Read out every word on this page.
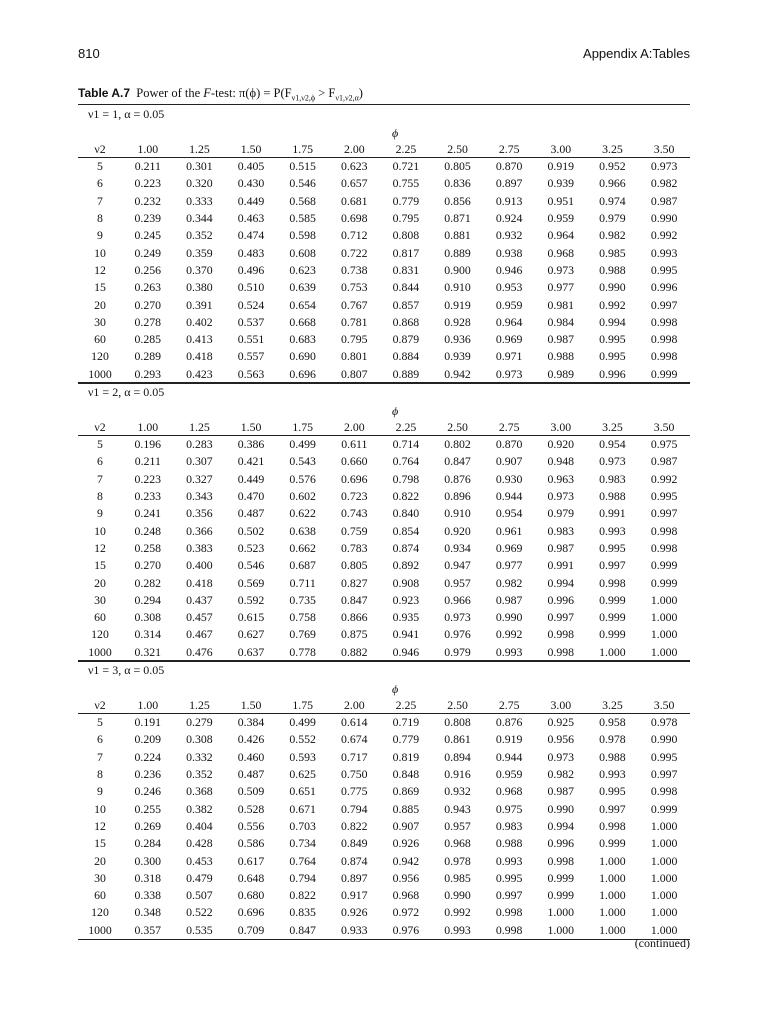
810	Appendix A:Tables
Table A.7 Power of the F-test: $\pi(\phi) = P(F_{\nu 1,\nu 2,\phi} > F_{\nu 1,\nu 2,\alpha})$
ν1 = 1, α = 0.05
ϕ
ν2	1.00	1.25	1.50	1.75	2.00	2.25	2.50	2.75	3.00	3.25	3.50
5	0.211	0.301	0.405	0.515	0.623	0.721	0.805	0.870	0.919	0.952	0.973
6	0.223	0.320	0.430	0.546	0.657	0.755	0.836	0.897	0.939	0.966	0.982
7	0.232	0.333	0.449	0.568	0.681	0.779	0.856	0.913	0.951	0.974	0.987
8	0.239	0.344	0.463	0.585	0.698	0.795	0.871	0.924	0.959	0.979	0.990
9	0.245	0.352	0.474	0.598	0.712	0.808	0.881	0.932	0.964	0.982	0.992
10	0.249	0.359	0.483	0.608	0.722	0.817	0.889	0.938	0.968	0.985	0.993
12	0.256	0.370	0.496	0.623	0.738	0.831	0.900	0.946	0.973	0.988	0.995
15	0.263	0.380	0.510	0.639	0.753	0.844	0.910	0.953	0.977	0.990	0.996
20	0.270	0.391	0.524	0.654	0.767	0.857	0.919	0.959	0.981	0.992	0.997
30	0.278	0.402	0.537	0.668	0.781	0.868	0.928	0.964	0.984	0.994	0.998
60	0.285	0.413	0.551	0.683	0.795	0.879	0.936	0.969	0.987	0.995	0.998
120	0.289	0.418	0.557	0.690	0.801	0.884	0.939	0.971	0.988	0.995	0.998
1000	0.293	0.423	0.563	0.696	0.807	0.889	0.942	0.973	0.989	0.996	0.999
ν1 = 2, α = 0.05
ϕ
ν2	1.00	1.25	1.50	1.75	2.00	2.25	2.50	2.75	3.00	3.25	3.50
5	0.196	0.283	0.386	0.499	0.611	0.714	0.802	0.870	0.920	0.954	0.975
6	0.211	0.307	0.421	0.543	0.660	0.764	0.847	0.907	0.948	0.973	0.987
7	0.223	0.327	0.449	0.576	0.696	0.798	0.876	0.930	0.963	0.983	0.992
8	0.233	0.343	0.470	0.602	0.723	0.822	0.896	0.944	0.973	0.988	0.995
9	0.241	0.356	0.487	0.622	0.743	0.840	0.910	0.954	0.979	0.991	0.997
10	0.248	0.366	0.502	0.638	0.759	0.854	0.920	0.961	0.983	0.993	0.998
12	0.258	0.383	0.523	0.662	0.783	0.874	0.934	0.969	0.987	0.995	0.998
15	0.270	0.400	0.546	0.687	0.805	0.892	0.947	0.977	0.991	0.997	0.999
20	0.282	0.418	0.569	0.711	0.827	0.908	0.957	0.982	0.994	0.998	0.999
30	0.294	0.437	0.592	0.735	0.847	0.923	0.966	0.987	0.996	0.999	1.000
60	0.308	0.457	0.615	0.758	0.866	0.935	0.973	0.990	0.997	0.999	1.000
120	0.314	0.467	0.627	0.769	0.875	0.941	0.976	0.992	0.998	0.999	1.000
1000	0.321	0.476	0.637	0.778	0.882	0.946	0.979	0.993	0.998	1.000	1.000
ν1 = 3, α = 0.05
ϕ
ν2	1.00	1.25	1.50	1.75	2.00	2.25	2.50	2.75	3.00	3.25	3.50
5	0.191	0.279	0.384	0.499	0.614	0.719	0.808	0.876	0.925	0.958	0.978
6	0.209	0.308	0.426	0.552	0.674	0.779	0.861	0.919	0.956	0.978	0.990
7	0.224	0.332	0.460	0.593	0.717	0.819	0.894	0.944	0.973	0.988	0.995
8	0.236	0.352	0.487	0.625	0.750	0.848	0.916	0.959	0.982	0.993	0.997
9	0.246	0.368	0.509	0.651	0.775	0.869	0.932	0.968	0.987	0.995	0.998
10	0.255	0.382	0.528	0.671	0.794	0.885	0.943	0.975	0.990	0.997	0.999
12	0.269	0.404	0.556	0.703	0.822	0.907	0.957	0.983	0.994	0.998	1.000
15	0.284	0.428	0.586	0.734	0.849	0.926	0.968	0.988	0.996	0.999	1.000
20	0.300	0.453	0.617	0.764	0.874	0.942	0.978	0.993	0.998	1.000	1.000
30	0.318	0.479	0.648	0.794	0.897	0.956	0.985	0.995	0.999	1.000	1.000
60	0.338	0.507	0.680	0.822	0.917	0.968	0.990	0.997	0.999	1.000	1.000
120	0.348	0.522	0.696	0.835	0.926	0.972	0.992	0.998	1.000	1.000	1.000
1000	0.357	0.535	0.709	0.847	0.933	0.976	0.993	0.998	1.000	1.000	1.000
(continued)
